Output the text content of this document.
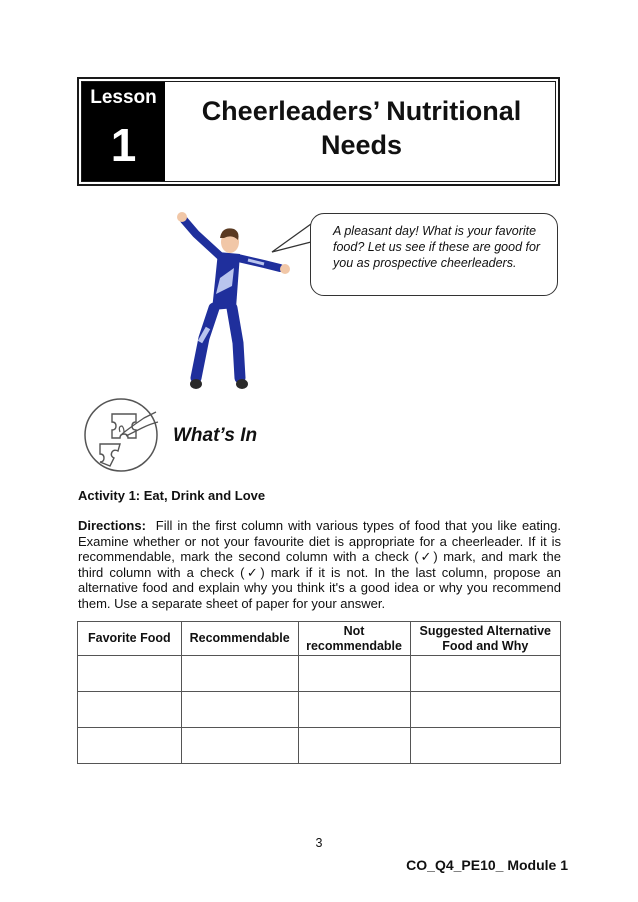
Lesson
1
Cheerleaders’ Nutritional
Needs
A pleasant day! What is your favorite food? Let us see if these are good for you as prospective cheerleaders.
What’s In
Activity 1: Eat, Drink and Love
Directions: Fill in the first column with various types of food that you like eating. Examine whether or not your favourite diet is appropriate for a cheerleader. If it is recommendable, mark the second column with a check (✓) mark, and mark the third column with a check (✓) mark if it is not. In the last column, propose an alternative food and explain why you think it's a good idea or why you recommend them. Use a separate sheet of paper for your answer.
Favorite Food	Recommendable	Not recommendable	Suggested Alternative Food and Why

3
CO_Q4_PE10_ Module 1
